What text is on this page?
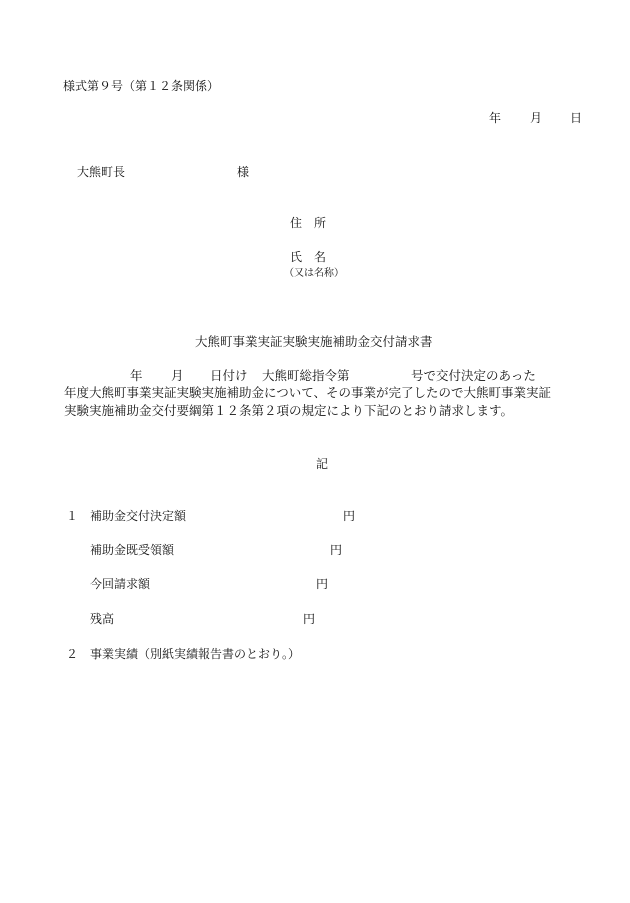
様式第９号（第１２条関係）
年 月 日
大熊町長	様
住　所
氏　名
（又は名称）
大熊町事業実証実験実施補助金交付請求書
年 月 日付け 大熊町総指令第	号で交付決定のあった
年度大熊町事業実証実験実施補助金について、その事業が完了したので大熊町事業実証
実験実施補助金交付要綱第１２条第２項の規定により下記のとおり請求します。
記
１ 補助金交付決定額	円
補助金既受領額	円
今回請求額	円
残高	円
２ 事業実績（別紙実績報告書のとおり。）
